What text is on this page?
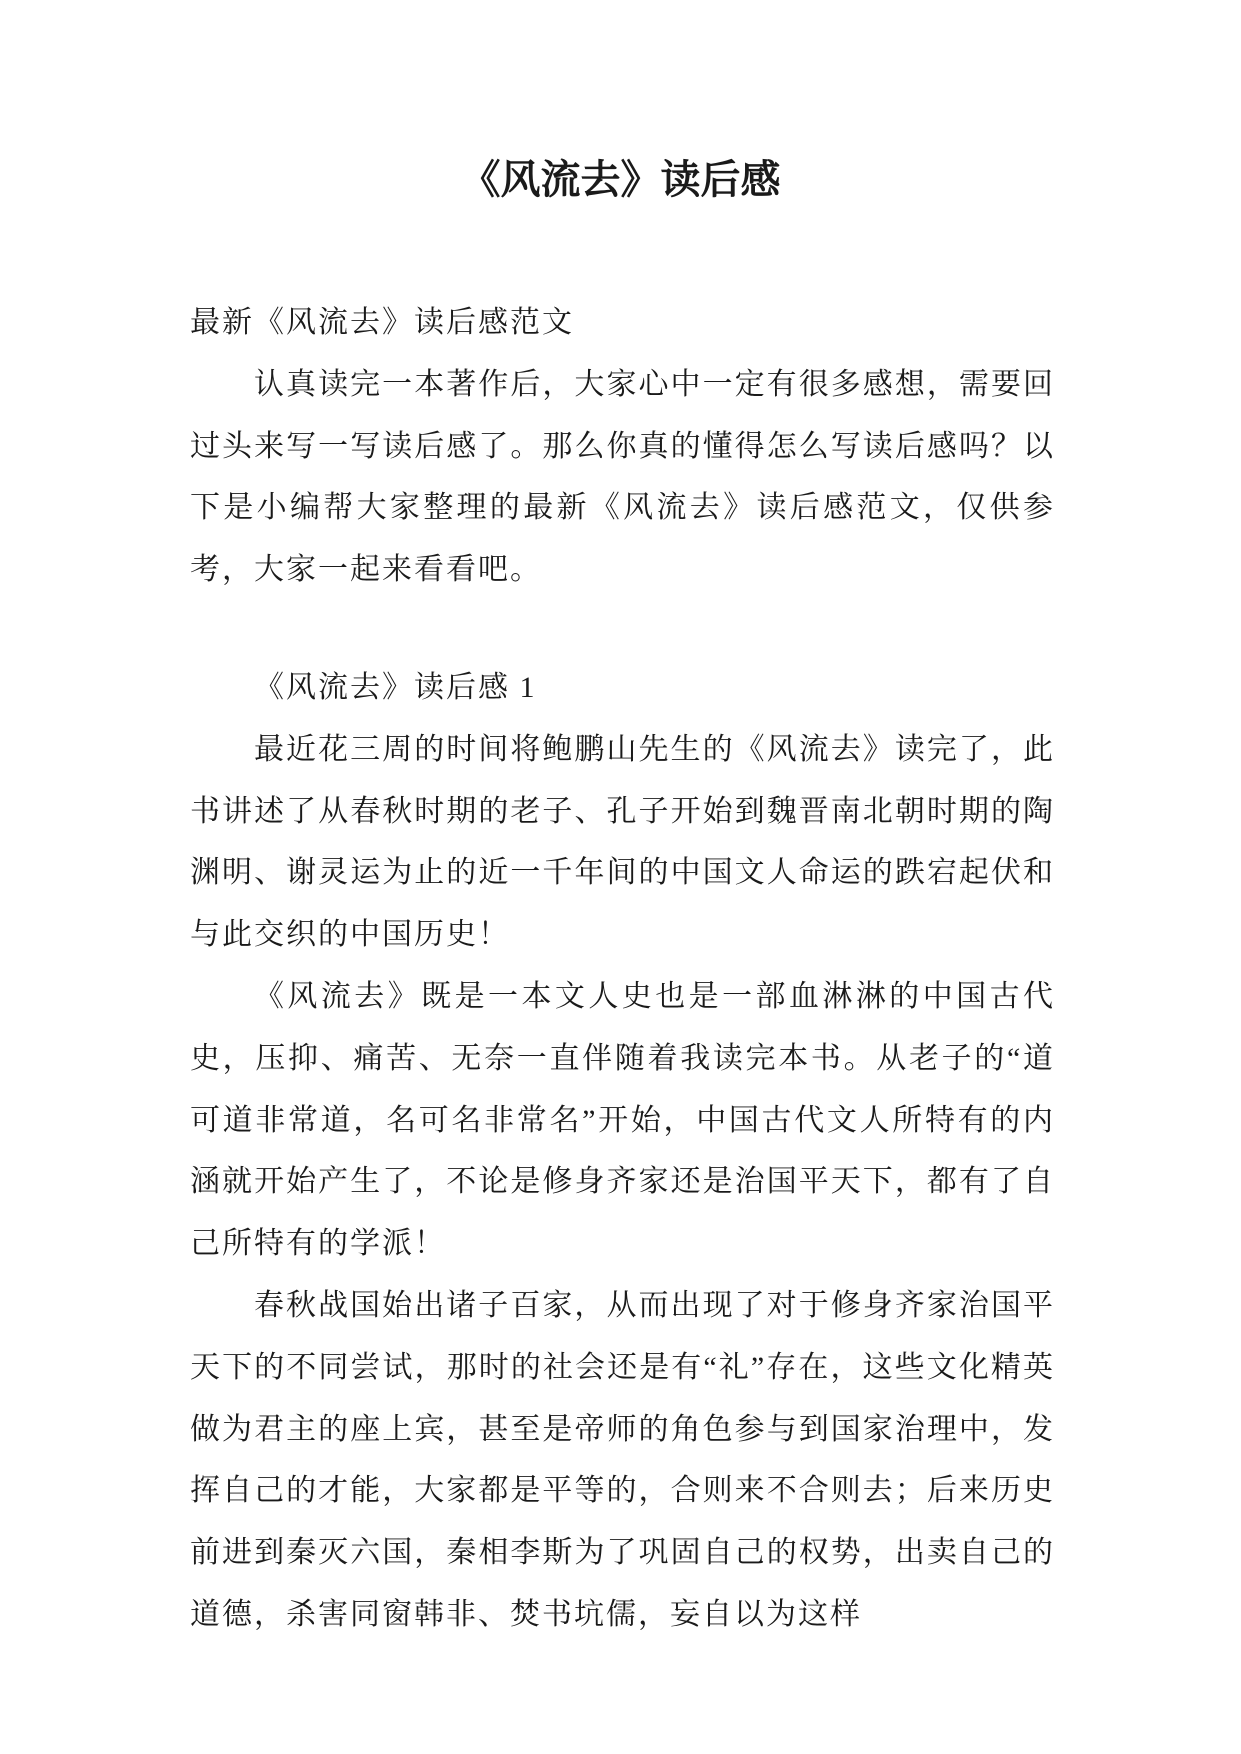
《风流去》读后感

最新《风流去》读后感范文

认真读完一本著作后，大家心中一定有很多感想，需要回过头来写一写读后感了。那么你真的懂得怎么写读后感吗？以下是小编帮大家整理的最新《风流去》读后感范文，仅供参考，大家一起来看看吧。

《风流去》读后感 1

最近花三周的时间将鲍鹏山先生的《风流去》读完了，此书讲述了从春秋时期的老子、孔子开始到魏晋南北朝时期的陶渊明、谢灵运为止的近一千年间的中国文人命运的跌宕起伏和与此交织的中国历史！

《风流去》既是一本文人史也是一部血淋淋的中国古代史，压抑、痛苦、无奈一直伴随着我读完本书。从老子的“道可道非常道，名可名非常名”开始，中国古代文人所特有的内涵就开始产生了，不论是修身齐家还是治国平天下，都有了自己所特有的学派！

春秋战国始出诸子百家，从而出现了对于修身齐家治国平天下的不同尝试，那时的社会还是有“礼”存在，这些文化精英做为君主的座上宾，甚至是帝师的角色参与到国家治理中，发挥自己的才能，大家都是平等的，合则来不合则去；后来历史前进到秦灭六国，秦相李斯为了巩固自己的权势，出卖自己的道德，杀害同窗韩非、焚书坑儒，妄自以为这样
